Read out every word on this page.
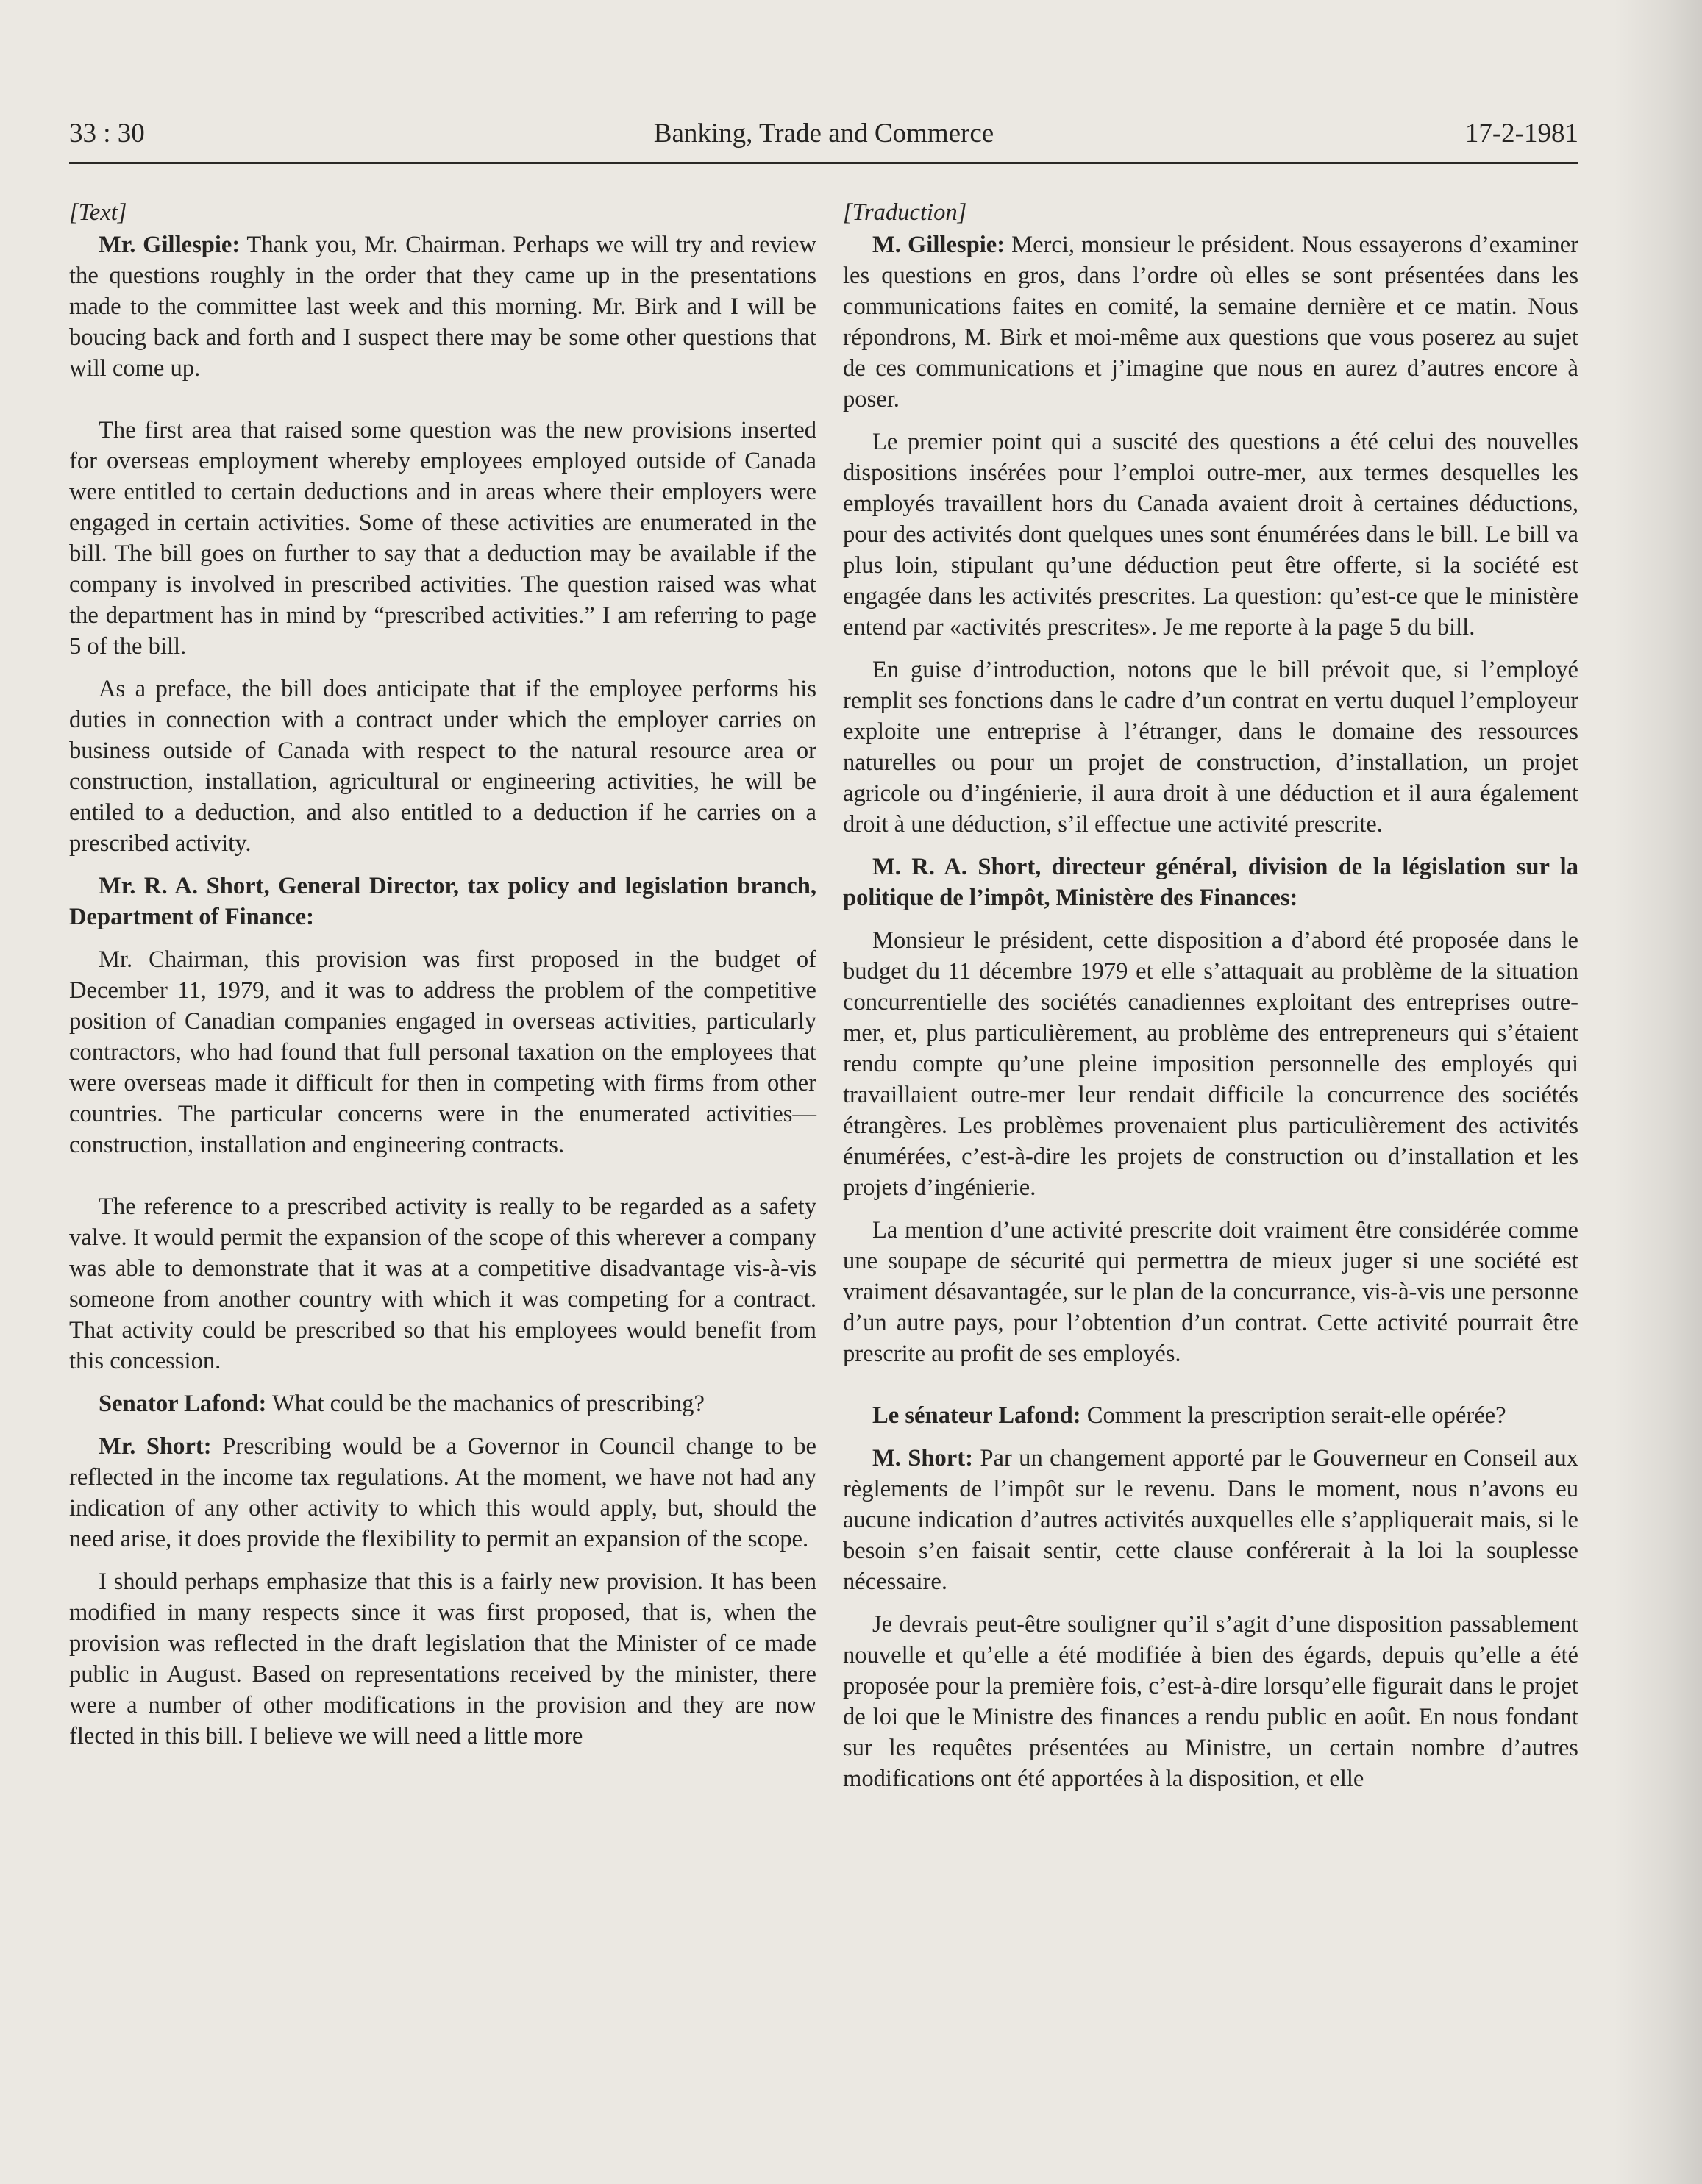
33 : 30	Banking, Trade and Commerce	17-2-1981

[Text]

Mr. Gillespie: Thank you, Mr. Chairman. Perhaps we will try and review the questions roughly in the order that they came up in the presentations made to the committee last week and this morning. Mr. Birk and I will be boucing back and forth and I suspect there may be some other questions that will come up.

The first area that raised some question was the new provisions inserted for overseas employment whereby employees employed outside of Canada were entitled to certain deductions and in areas where their employers were engaged in certain activities. Some of these activities are enumerated in the bill. The bill goes on further to say that a deduction may be available if the company is involved in prescribed activities. The question raised was what the department has in mind by “prescribed activities.” I am referring to page 5 of the bill.

As a preface, the bill does anticipate that if the employee performs his duties in connection with a contract under which the employer carries on business outside of Canada with respect to the natural resource area or construction, installation, agricultural or engineering activities, he will be entiled to a deduction, and also entitled to a deduction if he carries on a prescribed activity.

Mr. R. A. Short, General Director, tax policy and legislation branch, Department of Finance:

Mr. Chairman, this provision was first proposed in the budget of December 11, 1979, and it was to address the problem of the competitive position of Canadian companies engaged in overseas activities, particularly contractors, who had found that full personal taxation on the employees that were overseas made it difficult for then in competing with firms from other countries. The particular concerns were in the enumerated activities—construction, installation and engineering contracts.

The reference to a prescribed activity is really to be regarded as a safety valve. It would permit the expansion of the scope of this wherever a company was able to demonstrate that it was at a competitive disadvantage vis-à-vis someone from another country with which it was competing for a contract. That activity could be prescribed so that his employees would benefit from this concession.

Senator Lafond: What could be the machanics of prescribing?

Mr. Short: Prescribing would be a Governor in Council change to be reflected in the income tax regulations. At the moment, we have not had any indication of any other activity to which this would apply, but, should the need arise, it does provide the flexibility to permit an expansion of the scope.

I should perhaps emphasize that this is a fairly new provision. It has been modified in many respects since it was first proposed, that is, when the provision was reflected in the draft legislation that the Minister of ce made public in August. Based on representations received by the minister, there were a number of other modifications in the provision and they are now flected in this bill. I believe we will need a little more

[Traduction]

M. Gillespie: Merci, monsieur le président. Nous essayerons d’examiner les questions en gros, dans l’ordre où elles se sont présentées dans les communications faites en comité, la semaine dernière et ce matin. Nous répondrons, M. Birk et moi-même aux questions que vous poserez au sujet de ces communications et j’imagine que nous en aurez d’autres encore à poser.

Le premier point qui a suscité des questions a été celui des nouvelles dispositions insérées pour l’emploi outre-mer, aux termes desquelles les employés travaillent hors du Canada avaient droit à certaines déductions, pour des activités dont quelques unes sont énumérées dans le bill. Le bill va plus loin, stipulant qu’une déduction peut être offerte, si la société est engagée dans les activités prescrites. La question: qu’est-ce que le ministère entend par «activités prescrites». Je me reporte à la page 5 du bill.

En guise d’introduction, notons que le bill prévoit que, si l’employé remplit ses fonctions dans le cadre d’un contrat en vertu duquel l’employeur exploite une entreprise à l’étranger, dans le domaine des ressources naturelles ou pour un projet de construction, d’installation, un projet agricole ou d’ingénierie, il aura droit à une déduction et il aura également droit à une déduction, s’il effectue une activité prescrite.

M. R. A. Short, directeur général, division de la législation sur la politique de l’impôt, Ministère des Finances:

Monsieur le président, cette disposition a d’abord été proposée dans le budget du 11 décembre 1979 et elle s’attaquait au problème de la situation concurrentielle des sociétés canadiennes exploitant des entreprises outre-mer, et, plus particulièrement, au problème des entrepreneurs qui s’étaient rendu compte qu’une pleine imposition personnelle des employés qui travaillaient outre-mer leur rendait difficile la concurrence des sociétés étrangères. Les problèmes provenaient plus particulièrement des activités énumérées, c’est-à-dire les projets de construction ou d’installation et les projets d’ingénierie.

La mention d’une activité prescrite doit vraiment être considérée comme une soupape de sécurité qui permettra de mieux juger si une société est vraiment désavantagée, sur le plan de la concurrance, vis-à-vis une personne d’un autre pays, pour l’obtention d’un contrat. Cette activité pourrait être prescrite au profit de ses employés.

Le sénateur Lafond: Comment la prescription serait-elle opérée?

M. Short: Par un changement apporté par le Gouverneur en Conseil aux règlements de l’impôt sur le revenu. Dans le moment, nous n’avons eu aucune indication d’autres activités auxquelles elle s’appliquerait mais, si le besoin s’en faisait sentir, cette clause conférerait à la loi la souplesse nécessaire.

Je devrais peut-être souligner qu’il s’agit d’une disposition passablement nouvelle et qu’elle a été modifiée à bien des égards, depuis qu’elle a été proposée pour la première fois, c’est-à-dire lorsqu’elle figurait dans le projet de loi que le Ministre des finances a rendu public en août. En nous fondant sur les requêtes présentées au Ministre, un certain nombre d’autres modifications ont été apportées à la disposition, et elle
